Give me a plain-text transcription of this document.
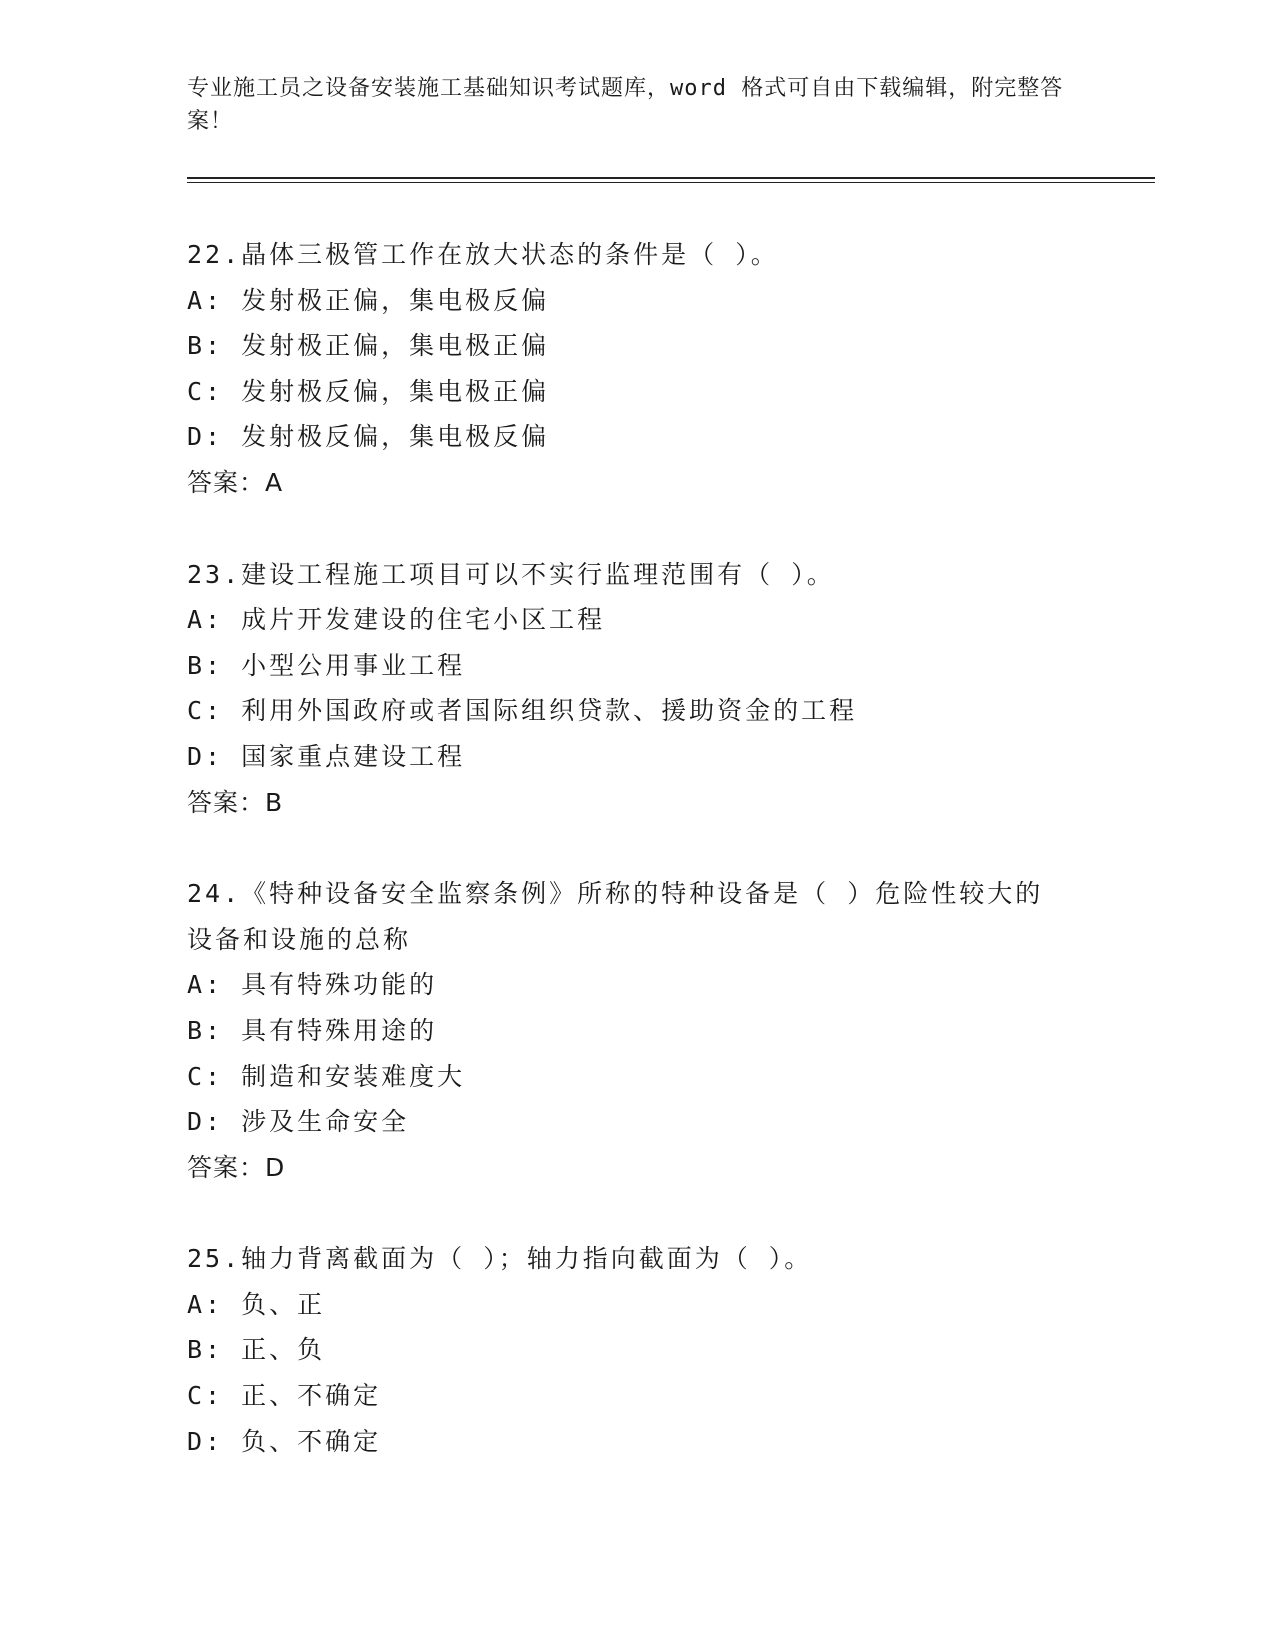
专业施工员之设备安装施工基础知识考试题库，word 格式可自由下载编辑，附完整答案！
22.晶体三极管工作在放大状态的条件是（ ）。
A: 发射极正偏，集电极反偏
B: 发射极正偏，集电极正偏
C: 发射极反偏，集电极正偏
D: 发射极反偏，集电极反偏
答案：A
23.建设工程施工项目可以不实行监理范围有（ ）。
A: 成片开发建设的住宅小区工程
B: 小型公用事业工程
C: 利用外国政府或者国际组织贷款、援助资金的工程
D: 国家重点建设工程
答案：B
24.《特种设备安全监察条例》所称的特种设备是（ ）危险性较大的设备和设施的总称
A: 具有特殊功能的
B: 具有特殊用途的
C: 制造和安装难度大
D: 涉及生命安全
答案：D
25.轴力背离截面为（ ）；轴力指向截面为（ ）。
A: 负、正
B: 正、负
C: 正、不确定
D: 负、不确定
